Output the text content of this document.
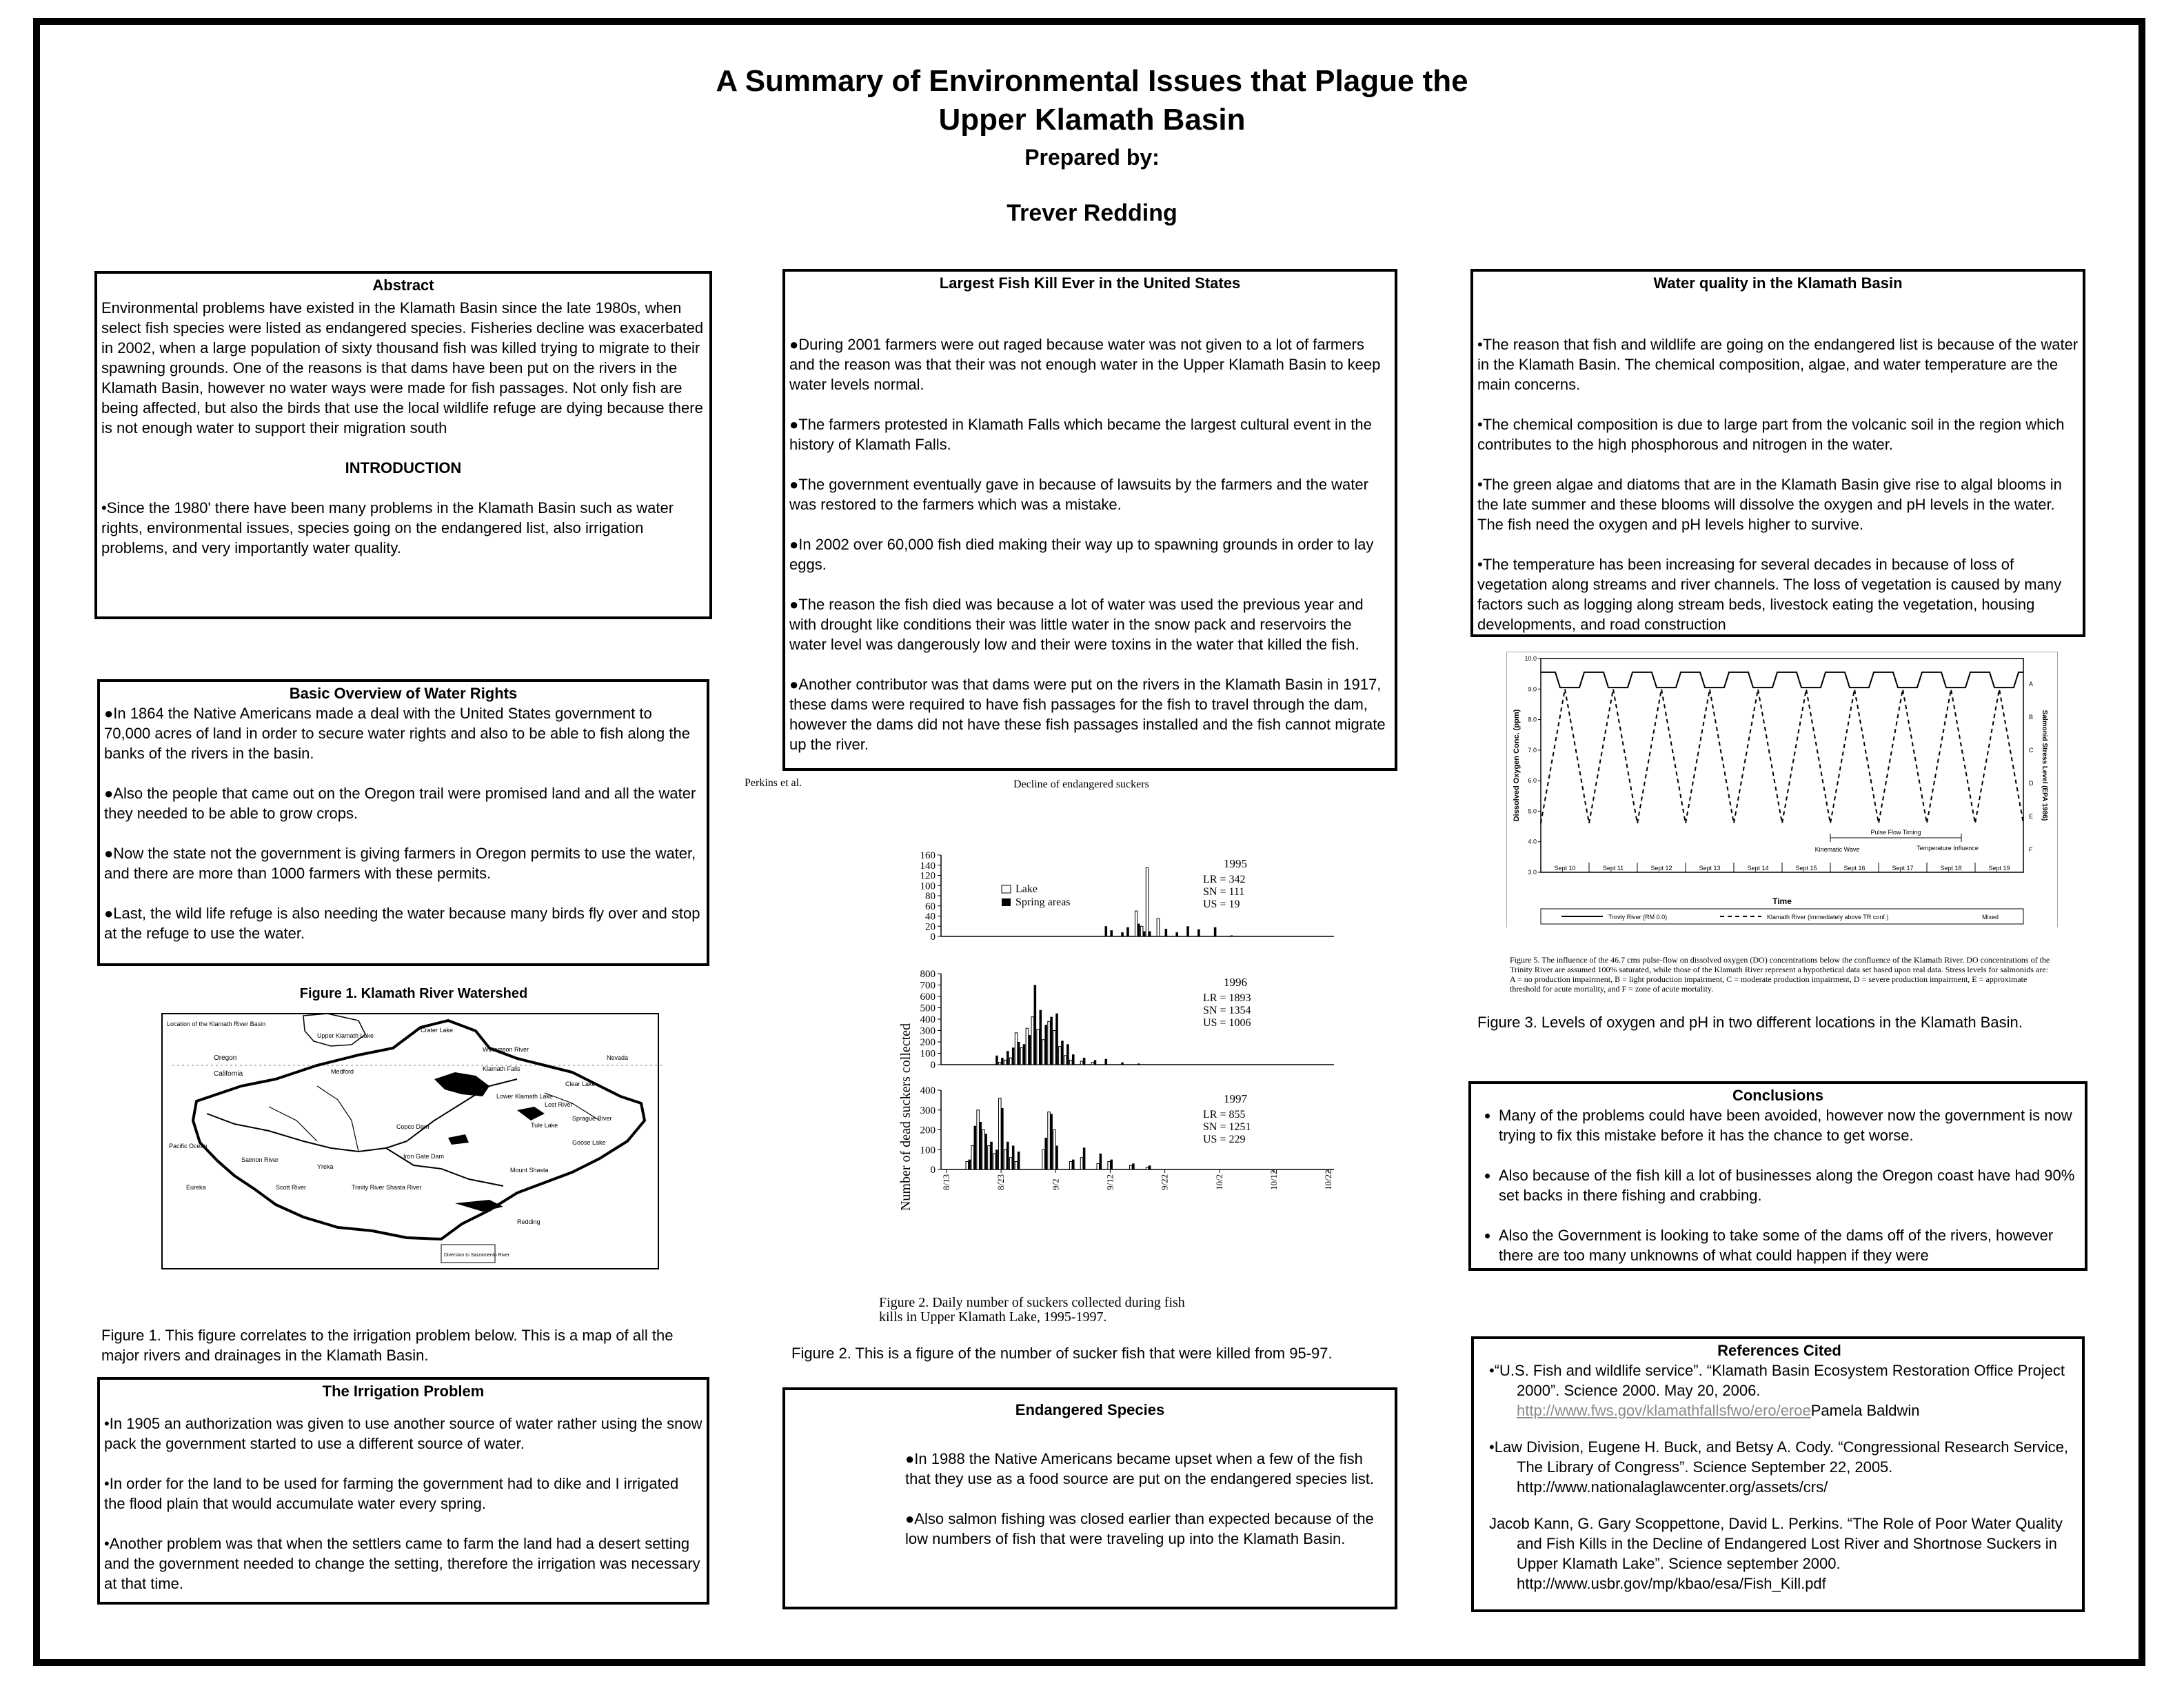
A Summary of Environmental Issues that Plague the
Upper Klamath Basin
Prepared by:
Trever Redding
Abstract

Environmental problems have existed in the Klamath Basin since the late 1980s, when select fish species were listed as endangered species. Fisheries decline was exacerbated in 2002, when a large population of sixty thousand fish was killed trying to migrate to their spawning grounds. One of the reasons is that dams have been put on the rivers in the Klamath Basin, however no water ways were made for fish passages. Not only fish are being affected, but also the birds that use the local wildlife refuge are dying because there is not enough water to support their migration south

INTRODUCTION

•Since the 1980' there have been many problems in the Klamath Basin such as water rights, environmental issues, species going on the endangered list, also irrigation problems, and very importantly water quality.

Basic Overview of Water Rights

●In 1864 the Native Americans made a deal with the United States government to 70,000 acres of land in order to secure water rights and also to be able to fish along the banks of the rivers in the basin.

●Also the people that came out on the Oregon trail were promised land and all the water they needed to be able to grow crops.

●Now the state not the government is giving farmers in Oregon permits to use the water, and there are more than 1000 farmers with these permits.

●Last, the wild life refuge is also needing the water because many birds fly over and stop at the refuge to use the water.

Figure 1. Klamath River Watershed
Location of the Klamath River Basin
Oregon
California
Nevada
Crater Lake
Upper Klamath Lake
Klamath Falls
Iron Gate Dam
Copco Dam
Lower Klamath Lake
Tule Lake
Clear Lake
Goose Lake
Yreka
Medford
Mount Shasta
Redding
Trinity River
Eureka
Sprague River
Williamson River
Lost River
Shasta River
Scott River
Salmon River
Pacific Ocean
Diversion to Sacramento River
Figure 1. This figure correlates to the irrigation problem below. This is a map of all the major rivers and drainages in the Klamath Basin.
The Irrigation Problem

•In 1905 an authorization was given to use another source of water rather using the snow pack the government started to use a different source of water.

•In order for the land to be used for farming the government had to dike and I irrigated the flood plain that would accumulate water every spring.

•Another problem was that when the settlers came to farm the land had a desert setting and the government needed to change the setting, therefore the irrigation was necessary at that time.

Largest Fish Kill Ever in the United States

●During 2001 farmers were out raged because water was not given to a lot of farmers and the reason was that their was not enough water in the Upper Klamath Basin to keep water levels normal.

●The farmers protested in Klamath Falls which became the largest cultural event in the history of Klamath Falls.

●The government eventually gave in because of lawsuits by the farmers and the water was restored to the farmers which was a mistake.

●In 2002 over 60,000 fish died making their way up to spawning grounds in order to lay eggs.

●The reason the fish died was because a lot of water was used the previous year and with drought like conditions their was little water in the snow pack and reservoirs the water level was dangerously low and their were toxins in the water that killed the fish.

●Another contributor was that dams were put on the rivers in the Klamath Basin in 1917, these dams were required to have fish passages for the fish to travel through the dam, however the dams did not have these fish passages installed and the fish cannot migrate up the river.

Perkins et al.	Decline of endangered suckers
0
20
40
60
80
100
120
140
160
1995
LR = 342
SN = 111
US = 19
0
100
200
300
400
500
600
700
800
1996
LR = 1893
SN = 1354
US = 1006
0
100
200
300
400
1997
LR = 855
SN = 1251
US = 229
8/13	8/23	9/2	9/12	9/22	10/2	10/12	10/22
Number of dead suckers collected
Lake
Spring areas
Figure 2. Daily number of suckers collected during fish
kills in Upper Klamath Lake, 1995-1997.
Figure 2. This is a figure of the number of sucker fish that were killed from 95-97.
Endangered Species

●In 1988 the Native Americans became upset when a few of the fish that they use as a food source are put on the endangered species list.

●Also salmon fishing was closed earlier than expected because of the low numbers of fish that were traveling up into the Klamath Basin.

Water quality in the Klamath Basin

•The reason that fish and wildlife are going on the endangered list is because of the water in the Klamath Basin. The chemical composition, algae, and water temperature are the main concerns.

•The chemical composition is due to large part from the volcanic soil in the region which contributes to the high phosphorous and nitrogen in the water.

•The green algae and diatoms that are in the Klamath Basin give rise to algal blooms in the late summer and these blooms will dissolve the oxygen and pH levels in the water. The fish need the oxygen and pH levels higher to survive.

•The temperature has been increasing for several decades in because of loss of vegetation along streams and river channels. The loss of vegetation is caused by many factors such as logging along stream beds, livestock eating the vegetation, housing developments, and road construction

3.0
4.0
5.0
6.0
7.0
8.0
9.0
10.0
A
B
C
D
E
F
Sept 10	Sept 11	Sept 12	Sept 13	Sept 14	Sept 15	Sept 16	Sept 17	Sept 18	Sept 19
Dissolved Oxygen Conc. (ppm)	Salmonid Stress Level (EPA 1986)
Time
Pulse Flow Timing
Kinematic Wave	Temperature Influence
Trinity River (RM 0.0)	Klamath River (immediately above TR conf.)	Mixed
Figure 5. The influence of the 46.7 cms pulse-flow on dissolved oxygen (DO) concentrations below the confluence of the Klamath River. DO concentrations of the Trinity River are assumed 100% saturated, while those of the Klamath River represent a hypothetical data set based upon real data. Stress levels for salmonids are: A = no production impairment, B = light production impairment, C = moderate production impairment, D = severe production impairment, E = approximate threshold for acute mortality, and F = zone of acute mortality.
Figure 3. Levels of oxygen and pH in two different locations in the Klamath Basin.
Conclusions
• Many of the problems could have been avoided, however now the government is now trying to fix this mistake before it has the chance to get worse.
• Also because of the fish kill a lot of businesses along the Oregon coast have had 90% set backs in there fishing and crabbing.
• Also the Government is looking to take some of the dams off of the rivers, however there are too many unknowns of what could happen if they were
References Cited
•“U.S. Fish and wildlife service”. “Klamath Basin Ecosystem Restoration Office Project 2000”. Science 2000. May 20, 2006.
http://www.fws.gov/klamathfallsfwo/ero/eroePamela Baldwin
•Law Division, Eugene H. Buck, and Betsy A. Cody. “Congressional Research Service, The Library of Congress”. Science September 22, 2005. http://www.nationalaglawcenter.org/assets/crs/
Jacob Kann, G. Gary Scoppettone, David L. Perkins. “The Role of Poor Water Quality and Fish Kills in the Decline of Endangered Lost River and Shortnose Suckers in Upper Klamath Lake”. Science september 2000. http://www.usbr.gov/mp/kbao/esa/Fish_Kill.pdf
